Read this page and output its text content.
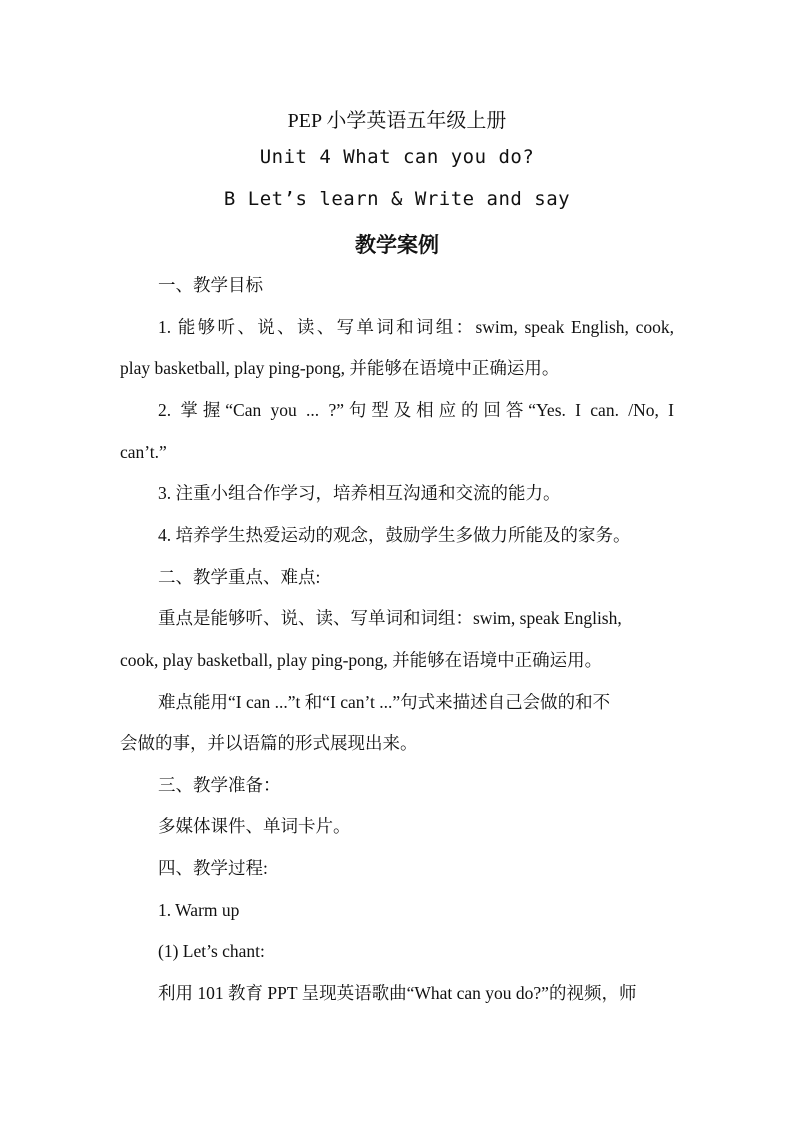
PEP 小学英语五年级上册
Unit 4 What can you do?
B Let’s learn & Write and say
教学案例
一、教学目标
1. 能够听、说、读、写单词和词组：swim, speak English, cook,
play basketball, play ping-pong, 并能够在语境中正确运用。
2. 掌握“Can you ... ?”句型及相应的回答“Yes. I can. /No, I
can’t.”
3. 注重小组合作学习，培养相互沟通和交流的能力。
4. 培养学生热爱运动的观念，鼓励学生多做力所能及的家务。
二、教学重点、难点:
重点是能够听、说、读、写单词和词组：swim, speak English,
cook, play basketball, play ping-pong, 并能够在语境中正确运用。
难点能用“I can ...”t 和“I can’t ...”句式来描述自己会做的和不
会做的事，并以语篇的形式展现出来。
三、教学准备：
多媒体课件、单词卡片。
四、教学过程:
1. Warm up
(1) Let’s chant:
利用 101 教育 PPT 呈现英语歌曲“What can you do?”的视频，师
